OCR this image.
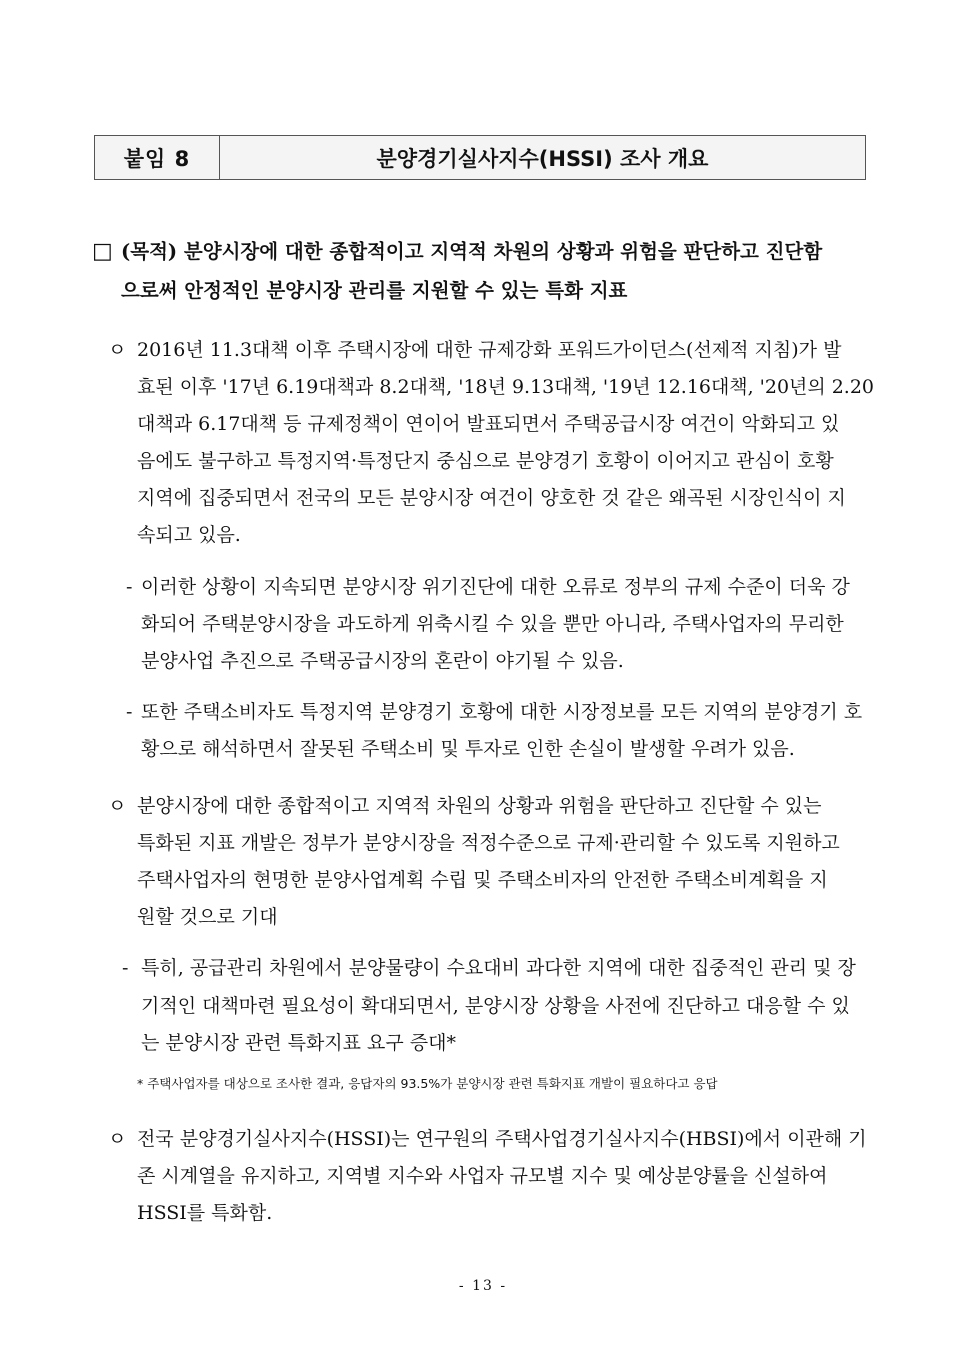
붙임 8	분양경기실사지수(HSSI) 조사 개요
□ (목적) 분양시장에 대한 종합적이고 지역적 차원의 상황과 위험을 판단하고 진단함
으로써 안정적인 분양시장 관리를 지원할 수 있는 특화 지표
ㅇ 2016년 11.3대책 이후 주택시장에 대한 규제강화 포워드가이던스(선제적 지침)가 발
효된 이후 '17년 6.19대책과 8.2대책, '18년 9.13대책, '19년 12.16대책, '20년의 2.20
대책과 6.17대책 등 규제정책이 연이어 발표되면서 주택공급시장 여건이 악화되고 있
음에도 불구하고 특정지역·특정단지 중심으로 분양경기 호황이 이어지고 관심이 호황
지역에 집중되면서 전국의 모든 분양시장 여건이 양호한 것 같은 왜곡된 시장인식이 지
속되고 있음.
- 이러한 상황이 지속되면 분양시장 위기진단에 대한 오류로 정부의 규제 수준이 더욱 강
화되어 주택분양시장을 과도하게 위축시킬 수 있을 뿐만 아니라, 주택사업자의 무리한
분양사업 추진으로 주택공급시장의 혼란이 야기될 수 있음.
- 또한 주택소비자도 특정지역 분양경기 호황에 대한 시장정보를 모든 지역의 분양경기 호
황으로 해석하면서 잘못된 주택소비 및 투자로 인한 손실이 발생할 우려가 있음.
ㅇ 분양시장에 대한 종합적이고 지역적 차원의 상황과 위험을 판단하고 진단할 수 있는
특화된 지표 개발은 정부가 분양시장을 적정수준으로 규제·관리할 수 있도록 지원하고
주택사업자의 현명한 분양사업계획 수립 및 주택소비자의 안전한 주택소비계획을 지
원할 것으로 기대
- 특히, 공급관리 차원에서 분양물량이 수요대비 과다한 지역에 대한 집중적인 관리 및 장
기적인 대책마련 필요성이 확대되면서, 분양시장 상황을 사전에 진단하고 대응할 수 있
는 분양시장 관련 특화지표 요구 증대*
* 주택사업자를 대상으로 조사한 결과, 응답자의 93.5%가 분양시장 관련 특화지표 개발이 필요하다고 응답
ㅇ 전국 분양경기실사지수(HSSI)는 연구원의 주택사업경기실사지수(HBSI)에서 이관해 기
존 시계열을 유지하고, 지역별 지수와 사업자 규모별 지수 및 예상분양률을 신설하여
HSSI를 특화함.
- 13 -
